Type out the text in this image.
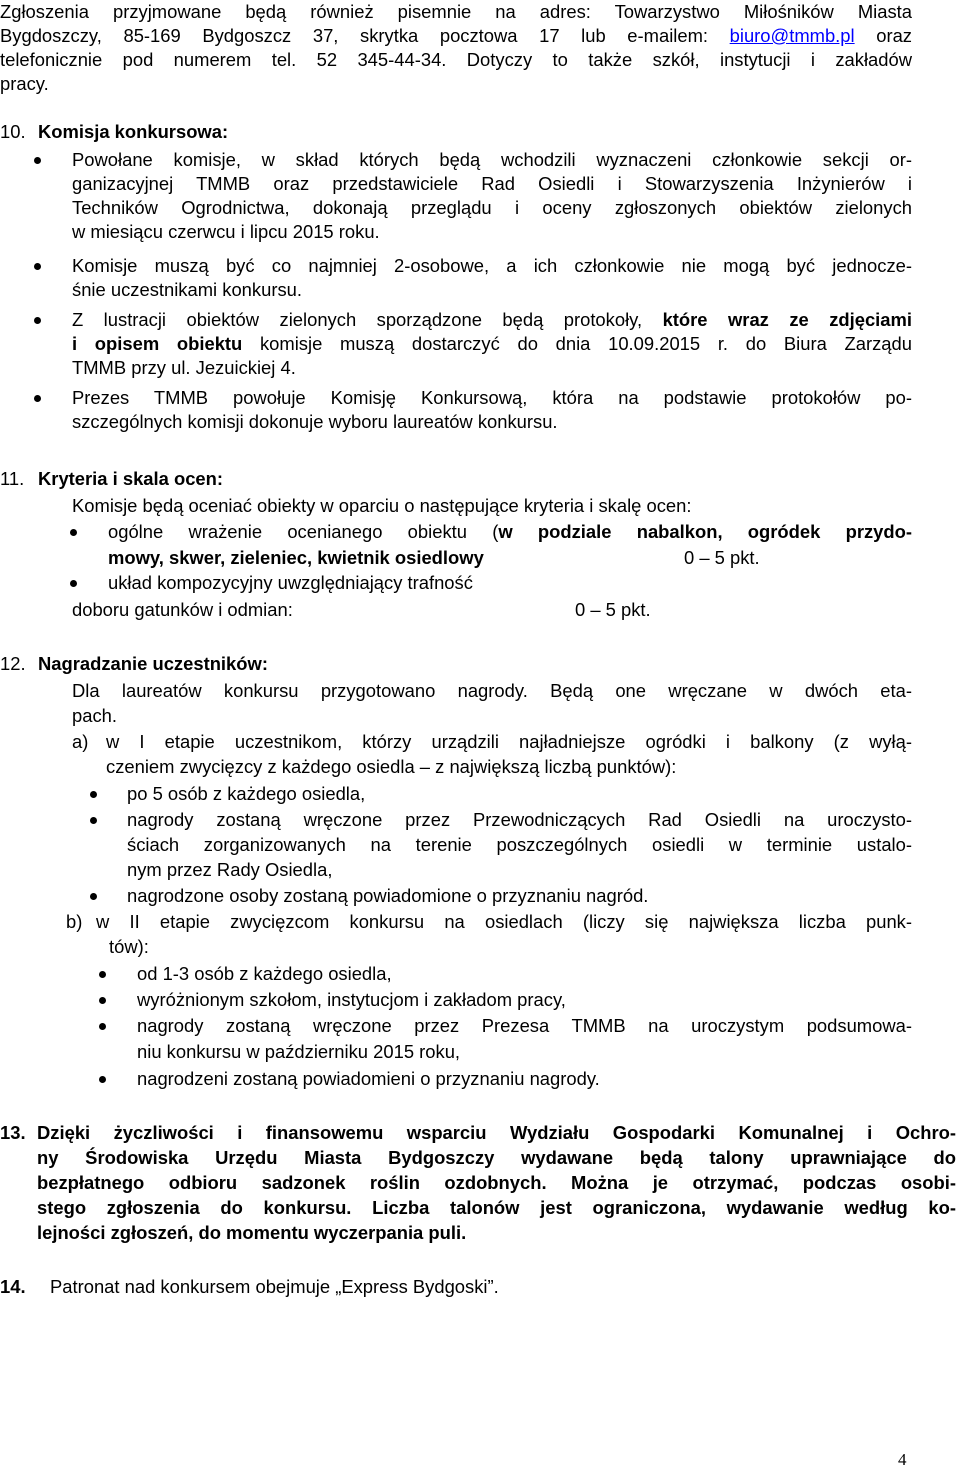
Zgłoszenia przyjmowane będą również pisemnie na adres: Towarzystwo Miłośników Miasta
Bygdoszczy, 85-169 Bydgoszcz 37, skrytka pocztowa 17 lub e-mailem: biuro@tmmb.pl oraz
telefonicznie pod numerem tel. 52 345-44-34. Dotyczy to także szkół, instytucji i zakładów
pracy.
10. Komisja konkursowa:
Powołane komisje, w skład których będą wchodzili wyznaczeni członkowie sekcji or-
ganizacyjnej TMMB oraz przedstawiciele Rad Osiedli i Stowarzyszenia Inżynierów i
Techników Ogrodnictwa, dokonają przeglądu i oceny zgłoszonych obiektów zielonych
w miesiącu czerwcu i lipcu 2015 roku.
Komisje muszą być co najmniej 2-osobowe, a ich członkowie nie mogą być jednocze-
śnie uczestnikami konkursu.
Z lustracji obiektów zielonych sporządzone będą protokoły, które wraz ze zdjęciami
i opisem obiektu komisje muszą dostarczyć do dnia 10.09.2015 r. do Biura Zarządu
TMMB przy ul. Jezuickiej 4.
Prezes TMMB powołuje Komisję Konkursową, która na podstawie protokołów po-
szczególnych komisji dokonuje wyboru laureatów konkursu.
11. Kryteria i skala ocen:
Komisje będą oceniać obiekty w oparciu o następujące kryteria i skalę ocen:
ogólne wrażenie ocenianego obiektu (w podziale nabalkon, ogródek przydo-
mowy, skwer, zieleniec, kwietnik osiedlowy	0 – 5 pkt.
układ kompozycyjny uwzględniający trafność
doboru gatunków i odmian:	0 – 5 pkt.
12. Nagradzanie uczestników:
Dla laureatów konkursu przygotowano nagrody. Będą one wręczane w dwóch eta-
pach.
a) w I etapie uczestnikom, którzy urządzili najładniejsze ogródki i balkony (z wyłą-
czeniem zwycięzcy z każdego osiedla – z największą liczbą punktów):
po 5 osób z każdego osiedla,
nagrody zostaną wręczone przez Przewodniczących Rad Osiedli na uroczysto-
ściach zorganizowanych na terenie poszczególnych osiedli w terminie ustalo-
nym przez Rady Osiedla,
nagrodzone osoby zostaną powiadomione o przyznaniu nagród.
b) w II etapie zwycięzcom konkursu na osiedlach (liczy się największa liczba punk-
tów):
od 1-3 osób z każdego osiedla,
wyróżnionym szkołom, instytucjom i zakładom pracy,
nagrody zostaną wręczone przez Prezesa TMMB na uroczystym podsumowa-
niu konkursu w październiku 2015 roku,
nagrodzeni zostaną powiadomieni o przyznaniu nagrody.
13. Dzięki życzliwości i finansowemu wsparciu Wydziału Gospodarki Komunalnej i Ochro-
ny Środowiska Urzędu Miasta Bydgoszczy wydawane będą talony uprawniające do
bezpłatnego odbioru sadzonek roślin ozdobnych. Można je otrzymać, podczas osobi-
stego zgłoszenia do konkursu. Liczba talonów jest ograniczona, wydawanie według ko-
lejności zgłoszeń, do momentu wyczerpania puli.
14. Patronat nad konkursem obejmuje „Express Bydgoski”.
4
